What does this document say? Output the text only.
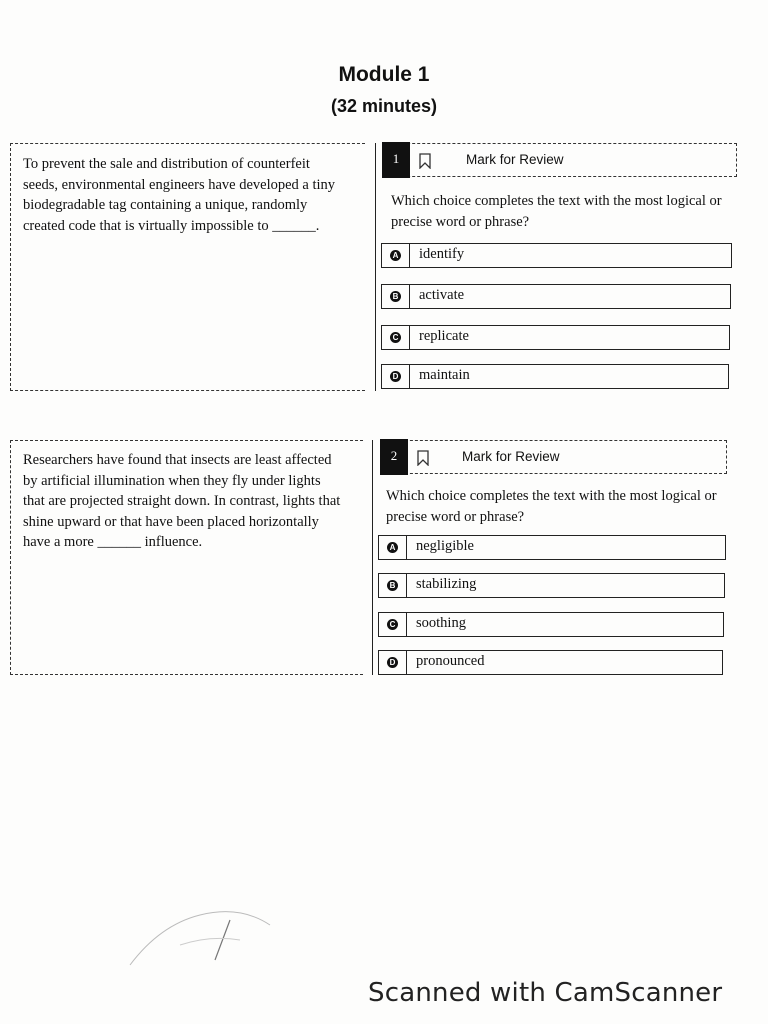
Module 1
(32 minutes)

To prevent the sale and distribution of counterfeit seeds, environmental engineers have developed a tiny biodegradable tag containing a unique, randomly created code that is virtually impossible to ______.

1	Mark for Review

Which choice completes the text with the most logical or precise word or phrase?

A identify
B activate
C replicate
D maintain

Researchers have found that insects are least affected by artificial illumination when they fly under lights that are projected straight down. In contrast, lights that shine upward or that have been placed horizontally have a more ______ influence.

2	Mark for Review

Which choice completes the text with the most logical or precise word or phrase?

A negligible
B stabilizing
C soothing
D pronounced
Scanned with CamScanner
